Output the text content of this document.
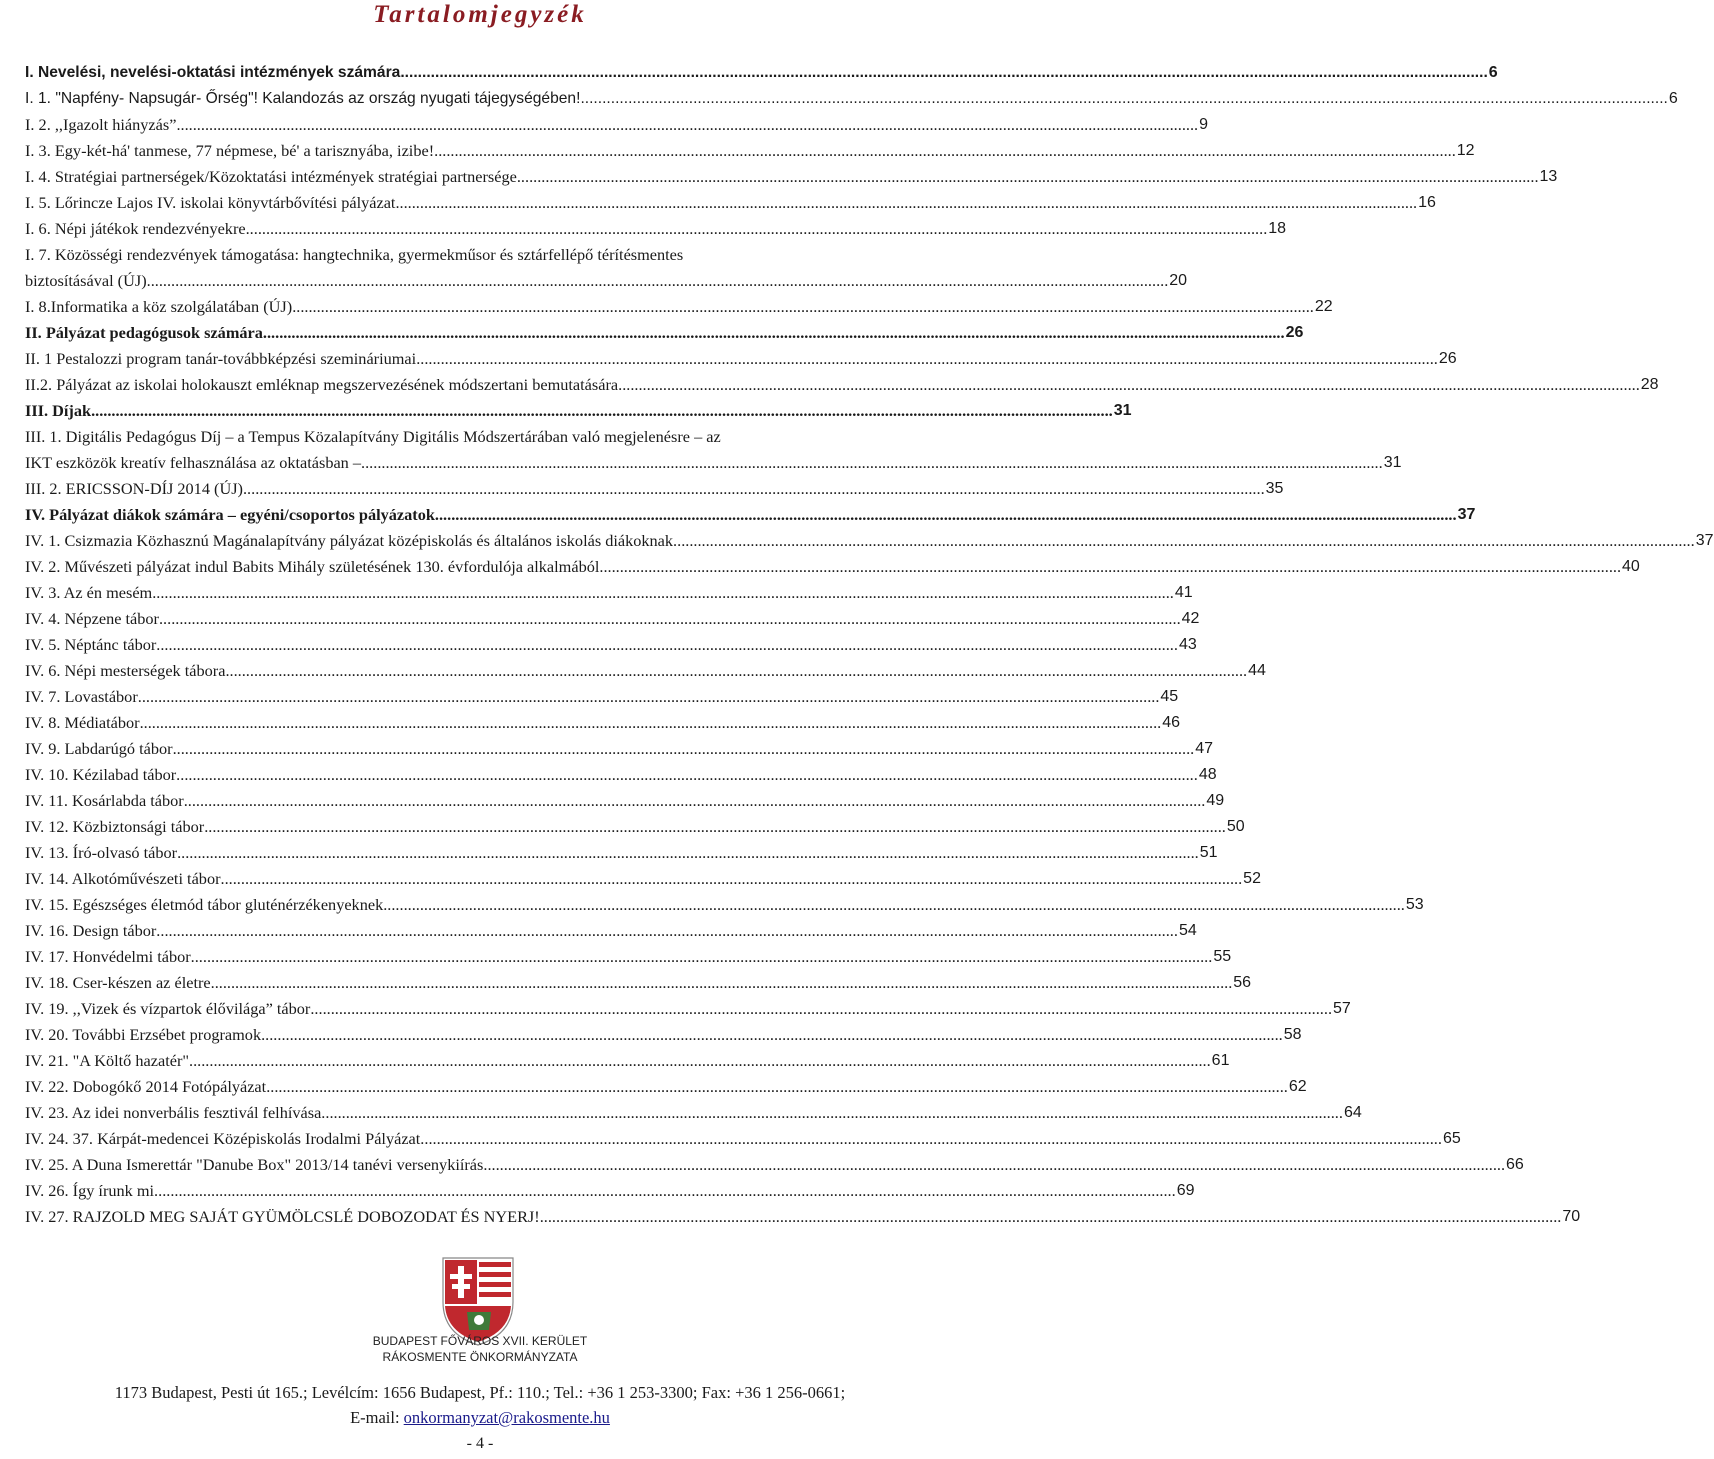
Tartalomjegyzék
I. Nevelési, nevelési-oktatási intézmények számára .....	6
I. 1. "Napfény- Napsugár- Őrség"! Kalandozás az ország nyugati tájegységében! .....	6
I. 2. ,,Igazolt hiányzás” .....	9
I. 3. Egy-két-há' tanmese, 77 népmese, bé' a tarisznyába, izibe! .....	12
I. 4. Stratégiai partnerségek/Közoktatási intézmények stratégiai partnersége .....	13
I. 5. Lőrincze Lajos IV. iskolai könyvtárbővítési pályázat .....	16
I. 6. Népi játékok rendezvényekre .....	18
I. 7. Közösségi rendezvények támogatása: hangtechnika, gyermekműsor és sztárfellépő térítésmentes
biztosításával (ÚJ) .....	20
I. 8.Informatika a köz szolgálatában (ÚJ) .....	22
II. Pályázat pedagógusok számára .....	26
II. 1 Pestalozzi program tanár-továbbképzési szemináriumai .....	26
II.2. Pályázat az iskolai holokauszt emléknap megszervezésének módszertani bemutatására .....	28
III. Díjak .....	31
III. 1. Digitális Pedagógus Díj – a Tempus Közalapítvány Digitális Módszertárában való megjelenésre – az
IKT eszközök kreatív felhasználása az oktatásban – .....	31
III. 2. ERICSSON-DÍJ 2014 (ÚJ) .....	35
IV. Pályázat diákok számára – egyéni/csoportos pályázatok .....	37
IV. 1. Csizmazia Közhasznú Magánalapítvány pályázat középiskolás és általános iskolás diákoknak .....	37
IV. 2. Művészeti pályázat indul Babits Mihály születésének 130. évfordulója alkalmából .....	40
IV. 3. Az én mesém .....	41
IV. 4. Népzene tábor .....	42
IV. 5. Néptánc tábor .....	43
IV. 6. Népi mesterségek tábora .....	44
IV. 7. Lovastábor .....	45
IV. 8. Médiatábor .....	46
IV. 9. Labdarúgó tábor .....	47
IV. 10. Kézilabad tábor .....	48
IV. 11. Kosárlabda tábor .....	49
IV. 12. Közbiztonsági tábor .....	50
IV. 13. Író-olvasó tábor .....	51
IV. 14. Alkotóművészeti tábor .....	52
IV. 15. Egészséges életmód tábor gluténérzékenyeknek .....	53
IV. 16. Design tábor .....	54
IV. 17. Honvédelmi tábor .....	55
IV. 18. Cser-készen az életre .....	56
IV. 19. ,,Vizek és vízpartok élővilága” tábor .....	57
IV. 20. További Erzsébet programok .....	58
IV. 21. "A Költő hazatér" .....	61
IV. 22. Dobogókő 2014 Fotópályázat .....	62
IV. 23. Az idei nonverbális fesztivál felhívása .....	64
IV. 24. 37. Kárpát-medencei Középiskolás Irodalmi Pályázat .....	65
IV. 25. A Duna Ismerettár "Danube Box" 2013/14 tanévi versenykiírás .....	66
IV. 26. Így írunk mi .....	69
IV. 27. RAJZOLD MEG SAJÁT GYÜMÖLCSLÉ DOBOZODAT ÉS NYERJ! .....	70
BUDAPEST FŐVÁROS XVII. KERÜLET
RÁKOSMENTE ÖNKORMÁNYZATA
1173 Budapest, Pesti út 165.; Levélcím: 1656 Budapest, Pf.: 110.; Tel.: +36 1 253-3300; Fax: +36 1 256-0661;
E-mail: onkormanyzat@rakosmente.hu
- 4 -
